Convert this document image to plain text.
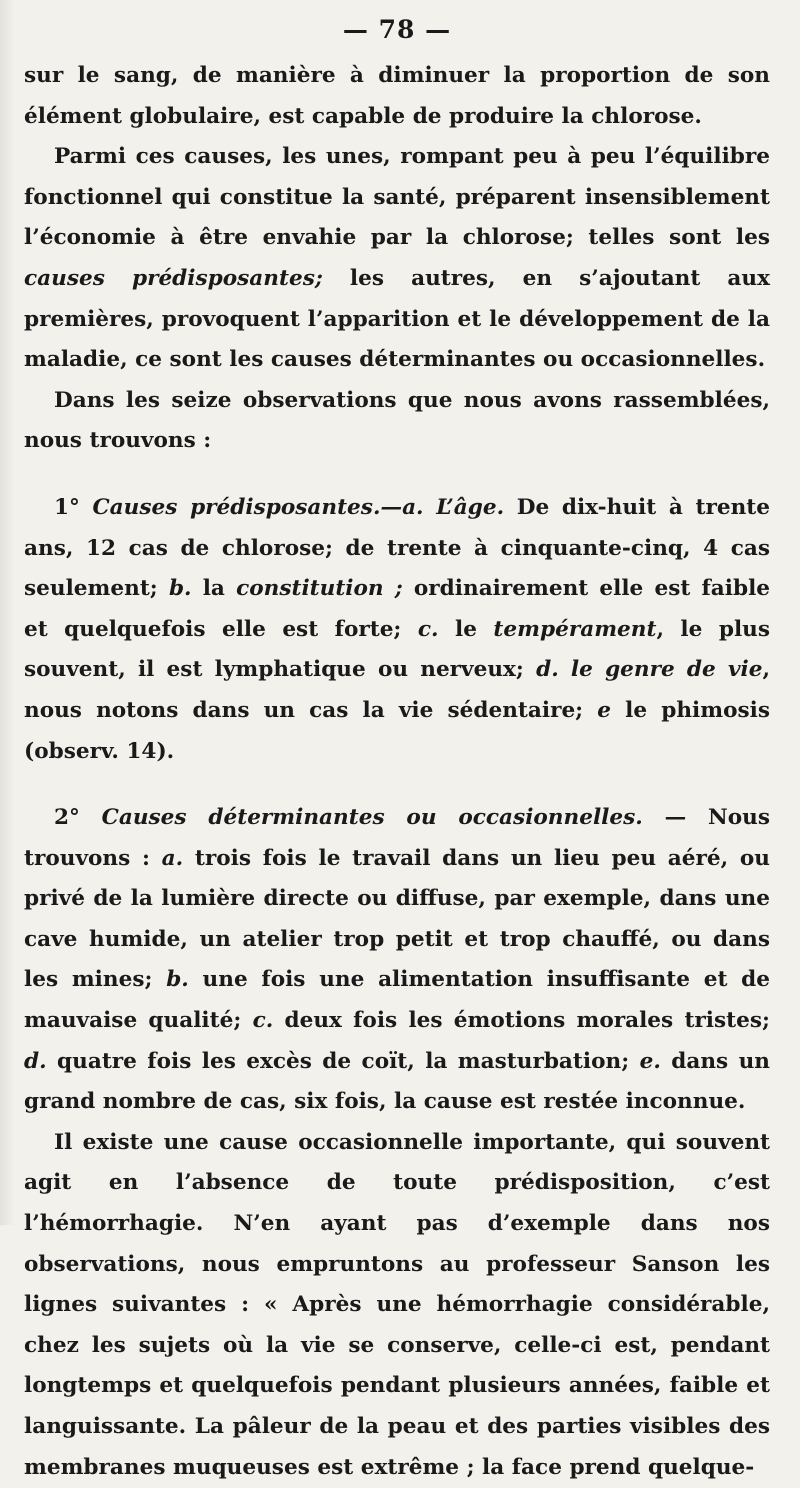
— 78 —

sur le sang, de manière à diminuer la proportion de son élément globulaire, est capable de produire la chlorose.

Parmi ces causes, les unes, rompant peu à peu l’équilibre fonctionnel qui constitue la santé, préparent insensiblement l’économie à être envahie par la chlorose; telles sont les causes prédisposantes; les autres, en s’ajoutant aux premières, provoquent l’apparition et le développement de la maladie, ce sont les causes déterminantes ou occasionnelles.

Dans les seize observations que nous avons rassemblées, nous trouvons :

1° Causes prédisposantes.—a. L’âge. De dix-huit à trente ans, 12 cas de chlorose; de trente à cinquante-cinq, 4 cas seulement; b. la constitution ; ordinairement elle est faible et quelquefois elle est forte; c. le tempérament, le plus souvent, il est lymphatique ou nerveux; d. le genre de vie, nous notons dans un cas la vie sédentaire; e le phimosis (observ. 14).

2° Causes déterminantes ou occasionnelles. — Nous trouvons : a. trois fois le travail dans un lieu peu aéré, ou privé de la lumière directe ou diffuse, par exemple, dans une cave humide, un atelier trop petit et trop chauffé, ou dans les mines; b. une fois une alimentation insuffisante et de mauvaise qualité; c. deux fois les émotions morales tristes; d. quatre fois les excès de coït, la masturbation; e. dans un grand nombre de cas, six fois, la cause est restée inconnue.

Il existe une cause occasionnelle importante, qui souvent agit en l’absence de toute prédisposition, c’est l’hémorrhagie. N’en ayant pas d’exemple dans nos observations, nous empruntons au professeur Sanson les lignes suivantes : « Après une hémorrhagie considérable, chez les sujets où la vie se conserve, celle-ci est, pendant longtemps et quelquefois pendant plusieurs années, faible et languissante. La pâleur de la peau et des parties visibles des membranes muqueuses est extrême ; la face prend quelque-
